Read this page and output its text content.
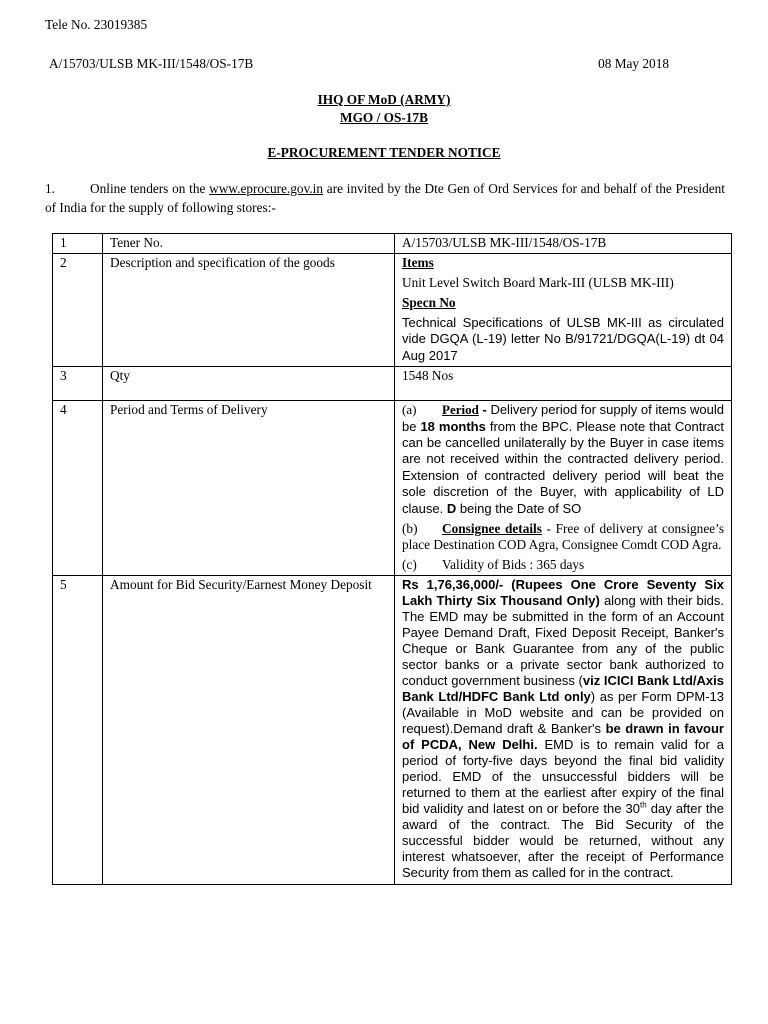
Tele No. 23019385
A/15703/ULSB MK-III/1548/OS-17B	08 May 2018
IHQ OF MoD (ARMY)
MGO / OS-17B
E-PROCUREMENT TENDER NOTICE
1.	Online tenders on the www.eprocure.gov.in are invited by the Dte Gen of Ord Services for and behalf of the President of India for the supply of following stores:-
1	Tener No.	A/15703/ULSB MK-III/1548/OS-17B
2	Description and specification of the goods	Items
Unit Level Switch Board Mark-III (ULSB MK-III)
Specn No
Technical Specifications of ULSB MK-III as circulated vide DGQA (L-19) letter No B/91721/DGQA(L-19) dt 04 Aug 2017

3	Qty	1548 Nos
4	Period and Terms of Delivery	(a) Period - Delivery period for supply of items would be 18 months from the BPC. Please note that Contract can be cancelled unilaterally by the Buyer in case items are not received within the contracted delivery period. Extension of contracted delivery period will beat the sole discretion of the Buyer, with applicability of LD clause. D being the Date of SO
(b) Consignee details - Free of delivery at consignee’s place Destination COD Agra, Consignee Comdt COD Agra.
(c) Validity of Bids : 365 days

5	Amount for Bid Security/Earnest Money Deposit	Rs 1,76,36,000/- (Rupees One Crore Seventy Six Lakh Thirty Six Thousand Only) along with their bids. The EMD may be submitted in the form of an Account Payee Demand Draft, Fixed Deposit Receipt, Banker's Cheque or Bank Guarantee from any of the public sector banks or a private sector bank authorized to conduct government business (viz ICICI Bank Ltd/Axis Bank Ltd/HDFC Bank Ltd only) as per Form DPM-13 (Available in MoD website and can be provided on request).Demand draft & Banker's be drawn in favour of PCDA, New Delhi. EMD is to remain valid for a period of forty-five days beyond the final bid validity period. EMD of the unsuccessful bidders will be returned to them at the earliest after expiry of the final bid validity and latest on or before the 30th day after the award of the contract. The Bid Security of the successful bidder would be returned, without any interest whatsoever, after the receipt of Performance Security from them as called for in the contract.
